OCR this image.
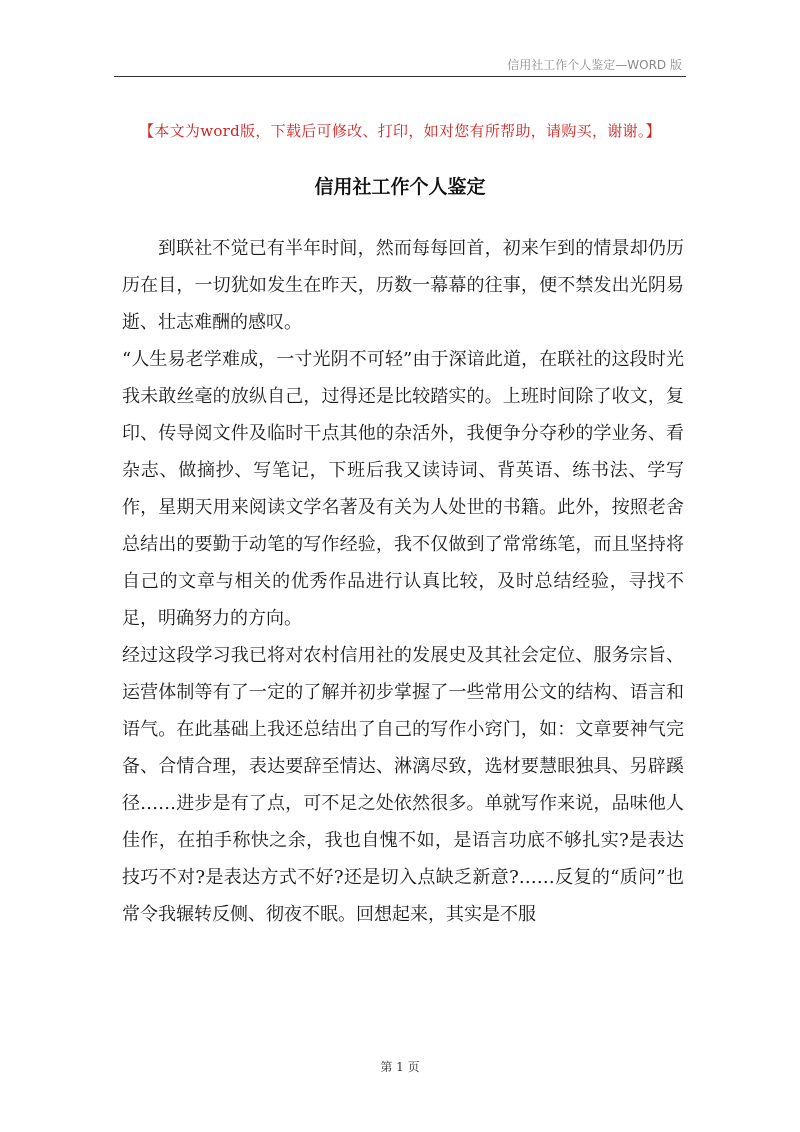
信用社工作个人鉴定—WORD 版
【本文为word版，下载后可修改、打印，如对您有所帮助，请购买，谢谢。】
信用社工作个人鉴定

到联社不觉已有半年时间，然而每每回首，初来乍到的情景却仍历历在目，一切犹如发生在昨天，历数一幕幕的往事，便不禁发出光阴易逝、壮志难酬的感叹。

“人生易老学难成，一寸光阴不可轻”由于深谙此道，在联社的这段时光我未敢丝毫的放纵自己，过得还是比较踏实的。上班时间除了收文，复印、传导阅文件及临时干点其他的杂活外，我便争分夺秒的学业务、看杂志、做摘抄、写笔记，下班后我又读诗词、背英语、练书法、学写作，星期天用来阅读文学名著及有关为人处世的书籍。此外，按照老舍总结出的要勤于动笔的写作经验，我不仅做到了常常练笔，而且坚持将自己的文章与相关的优秀作品进行认真比较，及时总结经验，寻找不足，明确努力的方向。

经过这段学习我已将对农村信用社的发展史及其社会定位、服务宗旨、运营体制等有了一定的了解并初步掌握了一些常用公文的结构、语言和语气。在此基础上我还总结出了自己的写作小窍门，如：文章要神气完备、合情合理，表达要辞至情达、淋漓尽致，选材要慧眼独具、另辟蹊径……进步是有了点，可不足之处依然很多。单就写作来说，品味他人佳作，在拍手称快之余，我也自愧不如，是语言功底不够扎实?是表达技巧不对?是表达方式不好?还是切入点缺乏新意?……反复的“质问”也常令我辗转反侧、彻夜不眠。回想起来，其实是不服

第 1 页
